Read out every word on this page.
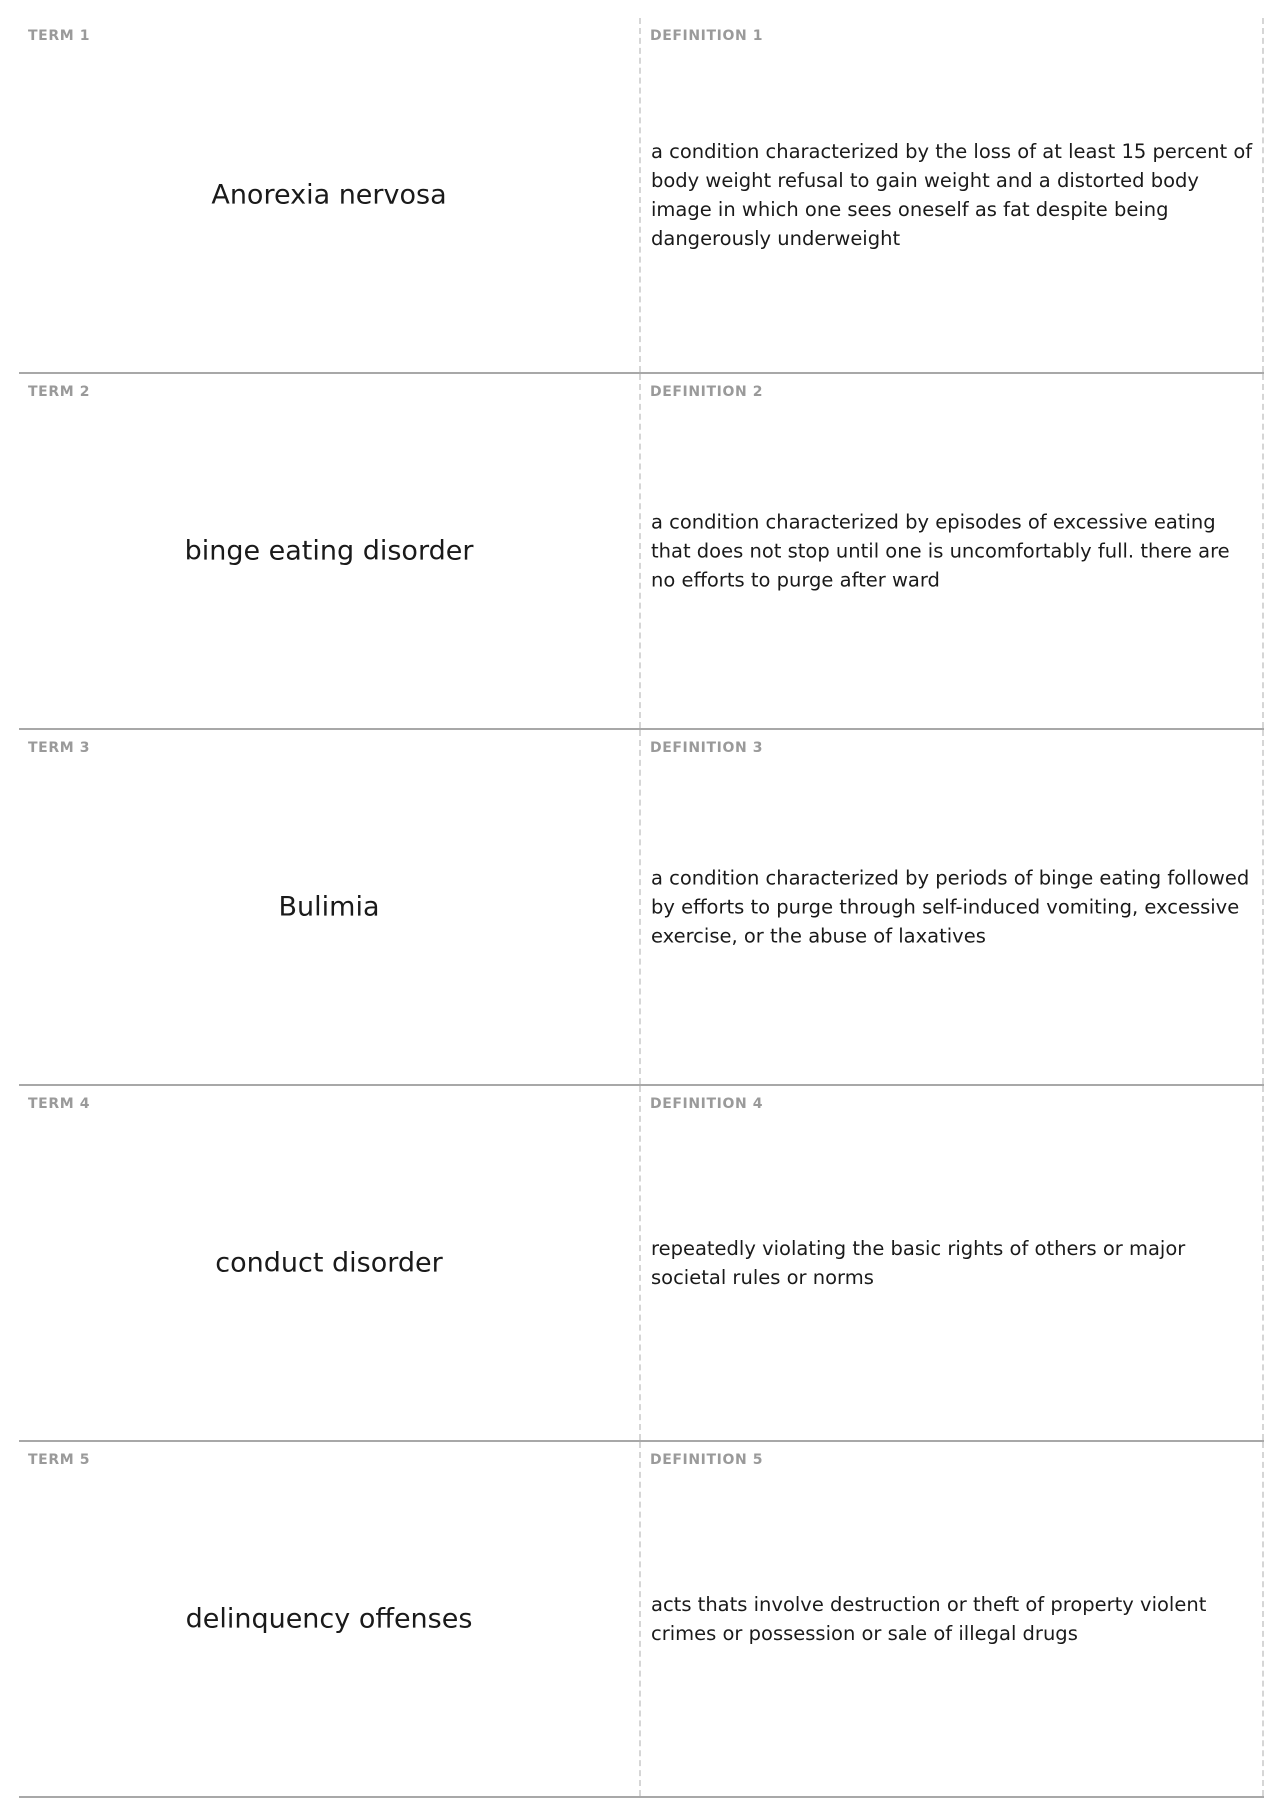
TERM 1
Anorexia nervosa
DEFINITION 1
a condition characterized by the loss of at least 15 percent of body weight refusal to gain weight and a distorted body image in which one sees oneself as fat despite being dangerously underweight
TERM 2
binge eating disorder
DEFINITION 2
a condition characterized by episodes of excessive eating that does not stop until one is uncomfortably full. there are no efforts to purge after ward
TERM 3
Bulimia
DEFINITION 3
a condition characterized by periods of binge eating followed by efforts to purge through self-induced vomiting, excessive exercise, or the abuse of laxatives
TERM 4
conduct disorder
DEFINITION 4
repeatedly violating the basic rights of others or major societal rules or norms
TERM 5
delinquency offenses
DEFINITION 5
acts thats involve destruction or theft of property violent crimes or possession or sale of illegal drugs
